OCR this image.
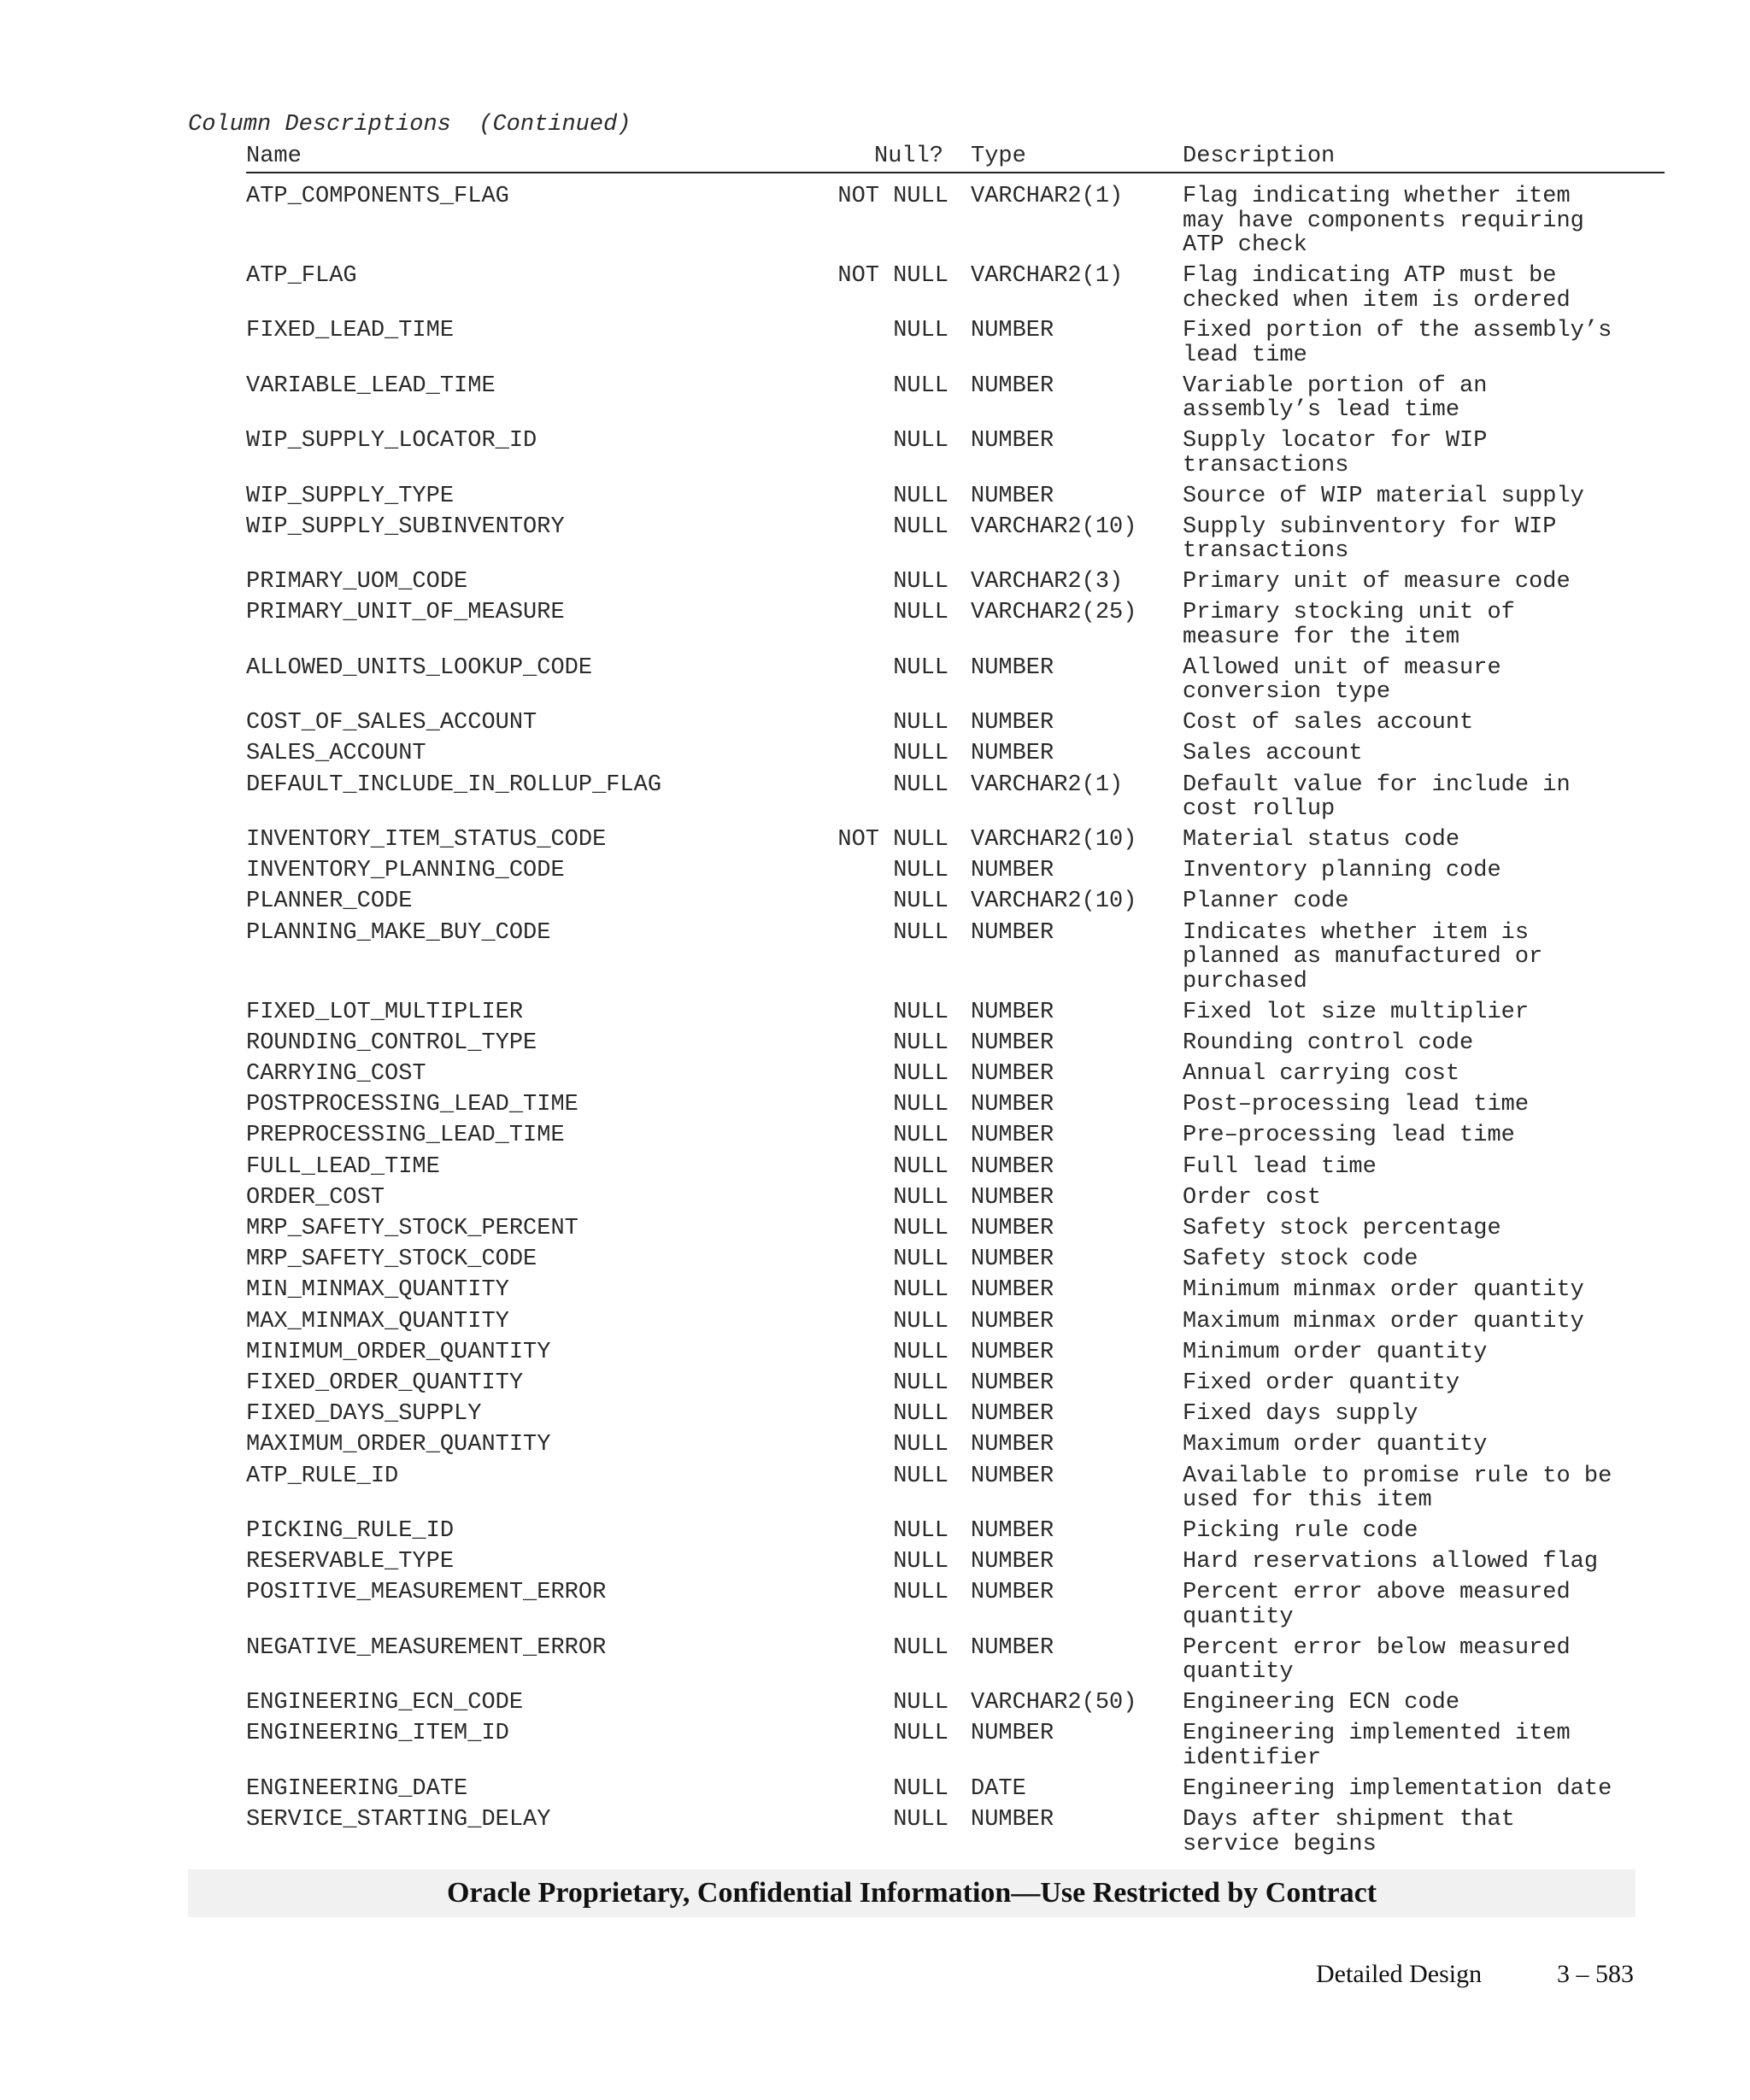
Column Descriptions  (Continued)
Name	Null? Type	Description
ATP_COMPONENTS_FLAG	NOT NULL VARCHAR2(1)	Flag indicating whether item
may have components requiring
ATP check
ATP_FLAG	NOT NULL VARCHAR2(1)	Flag indicating ATP must be
checked when item is ordered
FIXED_LEAD_TIME	NULL NUMBER	Fixed portion of the assembly’s
lead time
VARIABLE_LEAD_TIME	NULL NUMBER	Variable portion of an
assembly’s lead time
WIP_SUPPLY_LOCATOR_ID	NULL NUMBER	Supply locator for WIP
transactions
WIP_SUPPLY_TYPE	NULL NUMBER	Source of WIP material supply
WIP_SUPPLY_SUBINVENTORY	NULL VARCHAR2(10) Supply subinventory for WIP
transactions
PRIMARY_UOM_CODE	NULL VARCHAR2(3)	Primary unit of measure code
PRIMARY_UNIT_OF_MEASURE	NULL VARCHAR2(25) Primary stocking unit of
measure for the item
ALLOWED_UNITS_LOOKUP_CODE	NULL NUMBER	Allowed unit of measure
conversion type
COST_OF_SALES_ACCOUNT	NULL NUMBER	Cost of sales account
SALES_ACCOUNT	NULL NUMBER	Sales account
DEFAULT_INCLUDE_IN_ROLLUP_FLAG	NULL VARCHAR2(1)	Default value for include in
cost rollup
INVENTORY_ITEM_STATUS_CODE	NOT NULL VARCHAR2(10) Material status code
INVENTORY_PLANNING_CODE	NULL NUMBER	Inventory planning code
PLANNER_CODE	NULL VARCHAR2(10) Planner code
PLANNING_MAKE_BUY_CODE	NULL NUMBER	Indicates whether item is
planned as manufactured or
purchased
FIXED_LOT_MULTIPLIER	NULL NUMBER	Fixed lot size multiplier
ROUNDING_CONTROL_TYPE	NULL NUMBER	Rounding control code
CARRYING_COST	NULL NUMBER	Annual carrying cost
POSTPROCESSING_LEAD_TIME	NULL NUMBER	Post–processing lead time
PREPROCESSING_LEAD_TIME	NULL NUMBER	Pre–processing lead time
FULL_LEAD_TIME	NULL NUMBER	Full lead time
ORDER_COST	NULL NUMBER	Order cost
MRP_SAFETY_STOCK_PERCENT	NULL NUMBER	Safety stock percentage
MRP_SAFETY_STOCK_CODE	NULL NUMBER	Safety stock code
MIN_MINMAX_QUANTITY	NULL NUMBER	Minimum minmax order quantity
MAX_MINMAX_QUANTITY	NULL NUMBER	Maximum minmax order quantity
MINIMUM_ORDER_QUANTITY	NULL NUMBER	Minimum order quantity
FIXED_ORDER_QUANTITY	NULL NUMBER	Fixed order quantity
FIXED_DAYS_SUPPLY	NULL NUMBER	Fixed days supply
MAXIMUM_ORDER_QUANTITY	NULL NUMBER	Maximum order quantity
ATP_RULE_ID	NULL NUMBER	Available to promise rule to be
used for this item
PICKING_RULE_ID	NULL NUMBER	Picking rule code
RESERVABLE_TYPE	NULL NUMBER	Hard reservations allowed flag
POSITIVE_MEASUREMENT_ERROR	NULL NUMBER	Percent error above measured
quantity
NEGATIVE_MEASUREMENT_ERROR	NULL NUMBER	Percent error below measured
quantity
ENGINEERING_ECN_CODE	NULL VARCHAR2(50) Engineering ECN code
ENGINEERING_ITEM_ID	NULL NUMBER	Engineering implemented item
identifier
ENGINEERING_DATE	NULL DATE	Engineering implementation date
SERVICE_STARTING_DELAY	NULL NUMBER	Days after shipment that
service begins
Oracle Proprietary, Confidential Information––Use Restricted by Contract
Detailed Design	3 – 583
